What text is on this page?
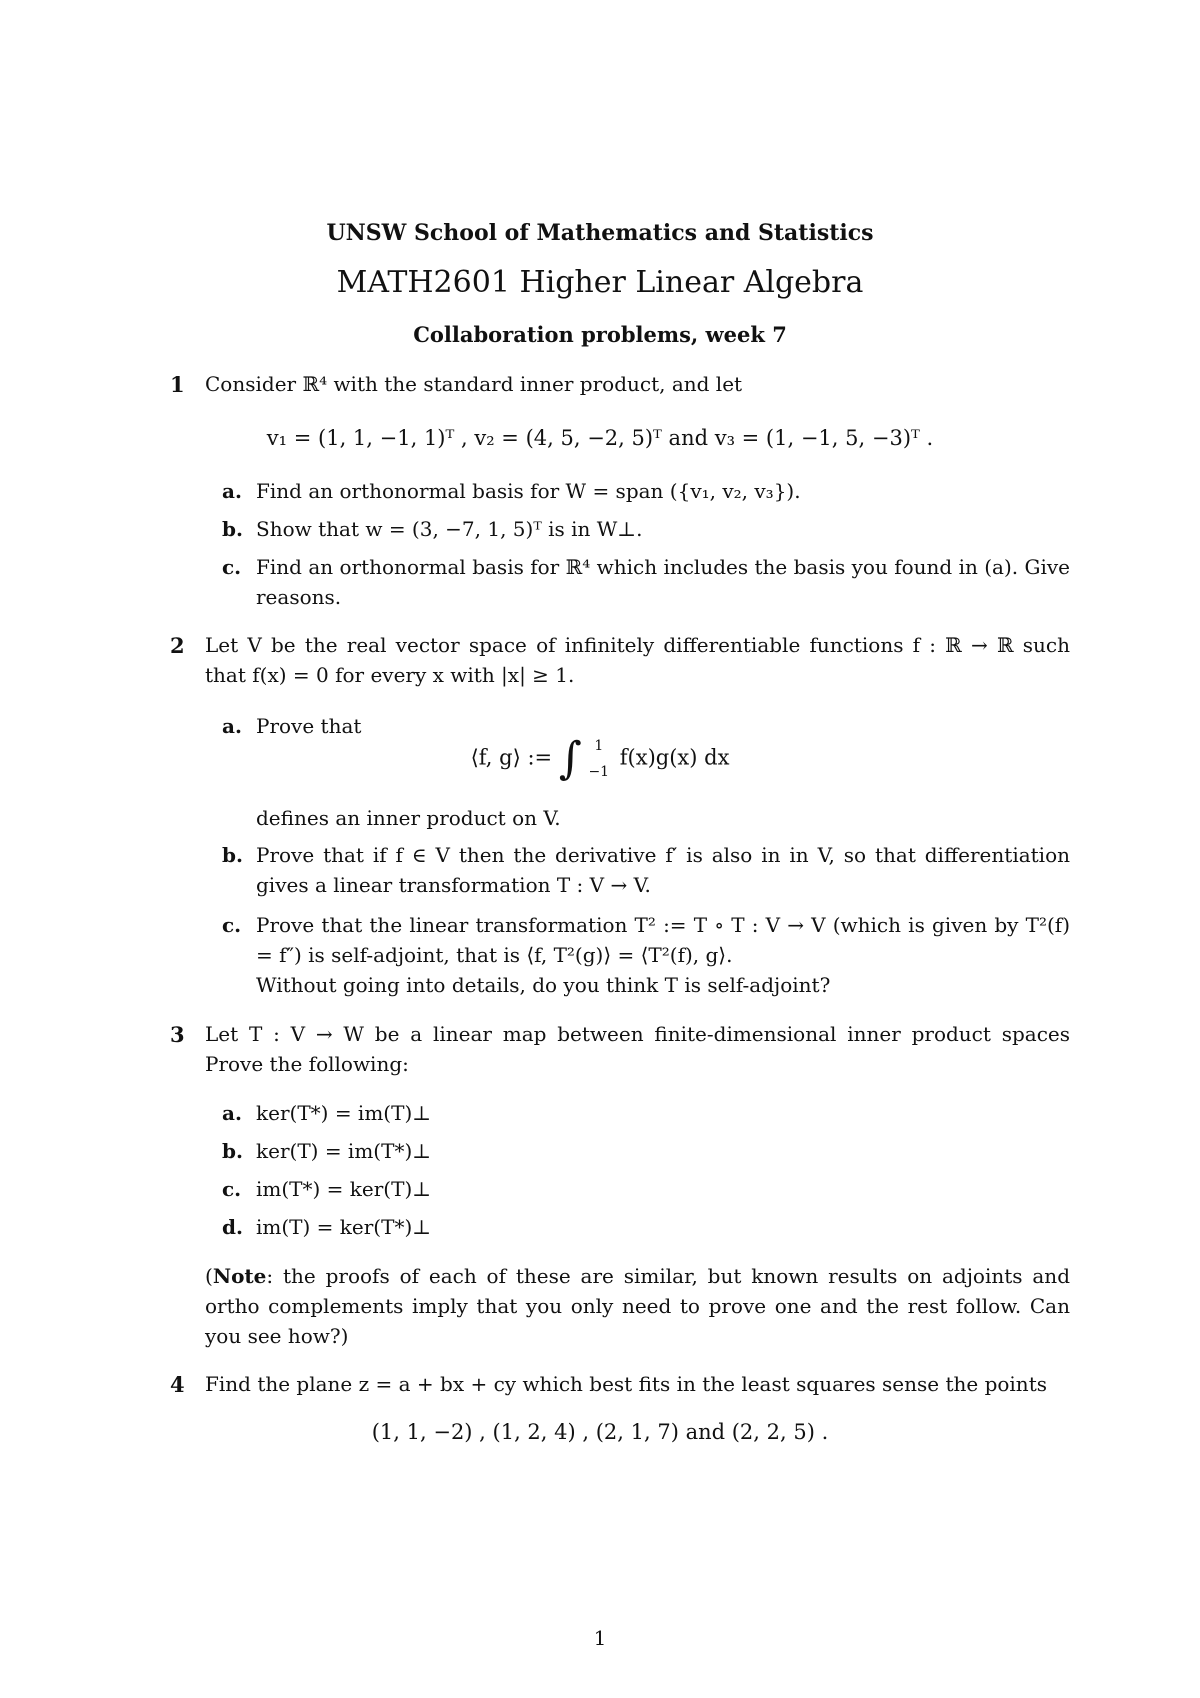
UNSW School of Mathematics and Statistics
MATH2601 Higher Linear Algebra
Collaboration problems, week 7
1 Consider ℝ⁴ with the standard inner product, and let
v₁ = (1, 1, −1, 1)ᵀ , v₂ = (4, 5, −2, 5)ᵀ and v₃ = (1, −1, 5, −3)ᵀ .
a. Find an orthonormal basis for W = span ({v₁, v₂, v₃}).
b. Show that w = (3, −7, 1, 5)ᵀ is in W⊥.
c. Find an orthonormal basis for ℝ⁴ which includes the basis you found in (a). Give reasons.
2 Let V be the real vector space of infinitely differentiable functions f : ℝ → ℝ such that f(x) = 0 for every x with |x| ≥ 1.
a. Prove that
⟨f, g⟩ := ∫ 1
−1 f(x)g(x) dx
defines an inner product on V.
b. Prove that if f ∈ V then the derivative f′ is also in in V, so that differentiation gives a linear transformation T : V → V.
c. Prove that the linear transformation T² := T ∘ T : V → V (which is given by T²(f) = f″) is self-adjoint, that is ⟨f, T²(g)⟩ = ⟨T²(f), g⟩.
Without going into details, do you think T is self-adjoint?
3 Let T : V → W be a linear map between finite-dimensional inner product spaces Prove the following:
a. ker(T*) = im(T)⊥
b. ker(T) = im(T*)⊥
c. im(T*) = ker(T)⊥
d. im(T) = ker(T*)⊥
(Note: the proofs of each of these are similar, but known results on adjoints and ortho complements imply that you only need to prove one and the rest follow. Can you see how?)
4 Find the plane z = a + bx + cy which best fits in the least squares sense the points
(1, 1, −2) , (1, 2, 4) , (2, 1, 7) and (2, 2, 5) .
1
